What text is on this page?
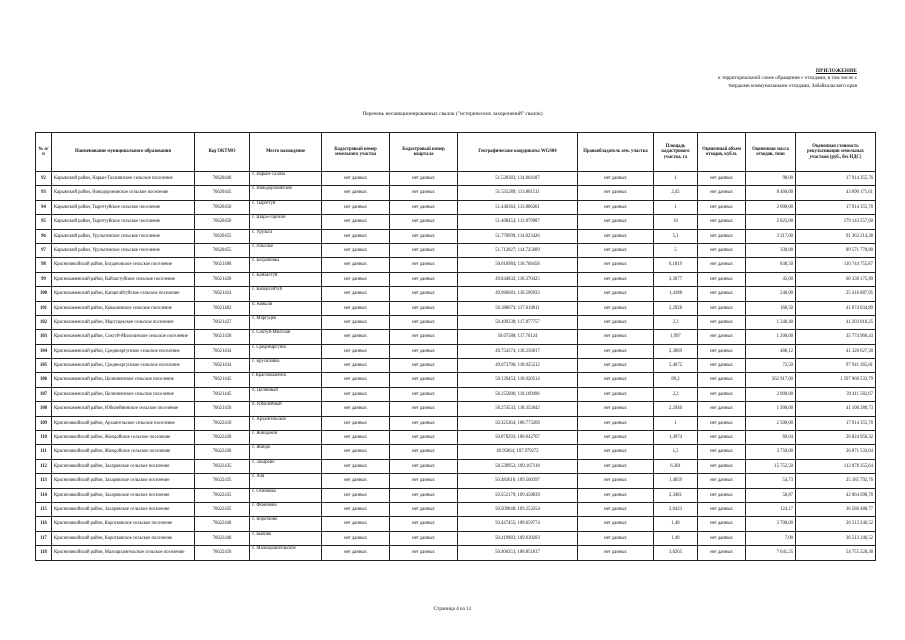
ПРИЛОЖЕНИЕ
к территориальной схеме обращения с отходами, в том числе с
твердыми коммунальными отходами, Забайкальского края
Перечень несанкционированных свалок ("исторических захоронений" свалок)
№ п/п	Наименование муниципального образования	Код ОКТМО	Место нахождение	Кадастровый номер земельного участка	Кадастровый номер квартала	Географические координаты WGS84	Правообладатель зем. участка	Площадь кадастрового участка, га	Оценочный объем отходов, куб.м.	Оценочная масса отходов, тонн	Оценочная стоимость рекультивации земельных участков (руб., без НДС)
92	Карымский район, Нарын-Талачинское сельское поселение	76620440	с. Нарын-Талача	нет данных	нет данных	51.528383; 114.864187	нет данных	1	нет данных	98,00	17 914 355,76
93	Карымский район, Новодоронинское сельское поселение	76620445	с. Новодоронинское	нет данных	нет данных	51.535289; 113.881511	нет данных	2,45	нет данных	8 460,00	43 890 171,61
94	Карымский район, Тыргетуйское сельское поселение	76620450	с. Тыргетуй	нет данных	нет данных	51.446363; 113.806361	нет данных	1	нет данных	2 000,00	17 914 355,76
95	Карымский район, Тыргетуйское сельское поселение	76620450	с. Шара-Горохон	нет данных	нет данных	51.408453; 113.879987	нет данных	10	нет данных	2 825,00	179 143 557,60
96	Карымский район, Урульгинское сельское поселение	76620455	с. Урульга	нет данных	нет данных	51.770099; 114.023426	нет данных	5,1	нет данных	3 317,00	91 363 214,38
97	Карымский район, Урульгинское сельское поселение	76620455	с. Пльолье	нет данных	нет данных	51.712827; 114.725609	нет данных	5	нет данных	330,00	89 571 778,80
98	Красночикойский район, Богдановское сельское поселение	76621408	с. Богдановка	нет данных	нет данных	50.016984; 118.768458	нет данных	6,1819	нет данных	838,50	110 744 755,87
99	Краснокаменский район, Кайластуйское сельское поселение	76621420	с. Кайластуй	нет данных	нет данных	49.844832; 118.370425	нет данных	3,3677	нет данных	45,00	60 330 175,89
100	Краснокаменский район, Капцегайтуйское сельское поселение	76621424	с. Капцегайтуй	нет данных	нет данных	49.966681; 118.596933	нет данных	1,4188	нет данных	246,00	25 416 887,95
101	Краснокаменский район, Ковылинское сельское поселение	76621402	п. Ковыли	нет данных	нет данных	50.388073; 117.610011	нет данных	2,2928	нет данных	168,50	41 074 034,89
102	Краснокаменский район, Маргуцекское сельское поселение	76621427	с. Маргуцек	нет данных	нет данных	50.409238; 117.877757	нет данных	2,3	нет данных	1 340,40	41 203 018,25
103	Краснокаменский район, Соктуй-Милозанское сельское поселение	76621430	с. Соктуй-Милозан	нет данных	нет данных	50.07588; 117.76124	нет данных	1,997	нет данных	1 200,00	35 774 968,43
104	Краснокаменский район, Среднеаргунское сельское поселение	76621434	с. Среднеаргунск	нет данных	нет данных	49.754374; 118.256817	нет данных	2,3069	нет данных	488,12	41 326 627,30
105	Краснокаменский район, Среднеаргунское сельское поселение	76621434	с. Брусиловка	нет данных	нет данных	49.673796; 118.025512	нет данных	5,4672	нет данных	72,50	97 941 365,81
106	Краснокаменский район, Целинненское сельское поселение	76621445	г. Краснокаменск	нет данных	нет данных	50.129453; 118.020514	нет данных	89,2	нет данных	562 917,00	1 597 960 533,79
107	Краснокаменский район, Целинненское сельское поселение	76621445	п. Целинный	нет данных	нет данных	50.255006; 118.109496	нет данных	2,2	нет данных	2 000,00	39 411 582,67
108	Краснокаменский район, Юбилейнинское сельское поселение	76621450	п. Юбилейный	нет данных	нет данных	50.274533; 118.352842	нет данных	2,2946	нет данных	1 300,00	41 106 280,73
109	Красночикойский район, Архангельское сельское поселение	76622410	с. Архангельское	нет данных	нет данных	50.325364; 108.773209	нет данных	1	нет данных	2 500,00	17 914 355,76
110	Красночикойский район, Жиндойское сельское поселение	76622430	с. Жиндокон	нет данных	нет данных	50.078293; 108.042767	нет данных	1,4974	нет данных	69,04	26 824 956,32
111	Красночикойский район, Жиндойское сельское поселение	76622430	с. Жиндо	нет данных	нет данных	49.95064; 107.979272	нет данных	1,5	нет данных	3 750,00	26 871 533,64
112	Красночикойский район, Захаровское сельское поселение	76622435	с. Захарово	нет данных	нет данных	50.539952; 109.167118	нет данных	6,301	нет данных	15 752,50	112 878 355,64
113	Красночикойский район, Захаровское сельское поселение	76622435	с. Аля	нет данных	нет данных	50.483616; 109.560397	нет данных	1,4059	нет данных	54,73	25 185 792,76
114	Красночикойский район, Захаровское сельское поселение	76622435	с. Осиновка	нет данных	нет данных	50.552179; 109.450839	нет данных	2,3481	нет данных	58,87	42 064 698,76
115	Красночикойский район, Захаровское сельское поселение	76622435	с. Фомичёво	нет данных	нет данных	50.509648; 109.253254	нет данных	2,0423	нет данных	124,17	36 586 488,77
116	Красночикойский район, Коротковское сельское поселение	76622440	с. Коротково	нет данных	нет данных	50.447455; 108.659774	нет данных	1,48	нет данных	3 700,00	26 513 246,52
117	Красночикойский район, Коротковское сельское поселение	76622440	с. Быково	нет данных	нет данных	50.419983; 109.030283	нет данных	1,48	нет данных	7,00	26 513 246,52
118	Красночикойский район, Малоархангельское сельское поселение	76622450	с. Малоархангельское	нет данных	нет данных	50.406353; 108.851817	нет данных	3,0265	нет данных	7 641,25	54 755 228,38
Страница 4 из 12
